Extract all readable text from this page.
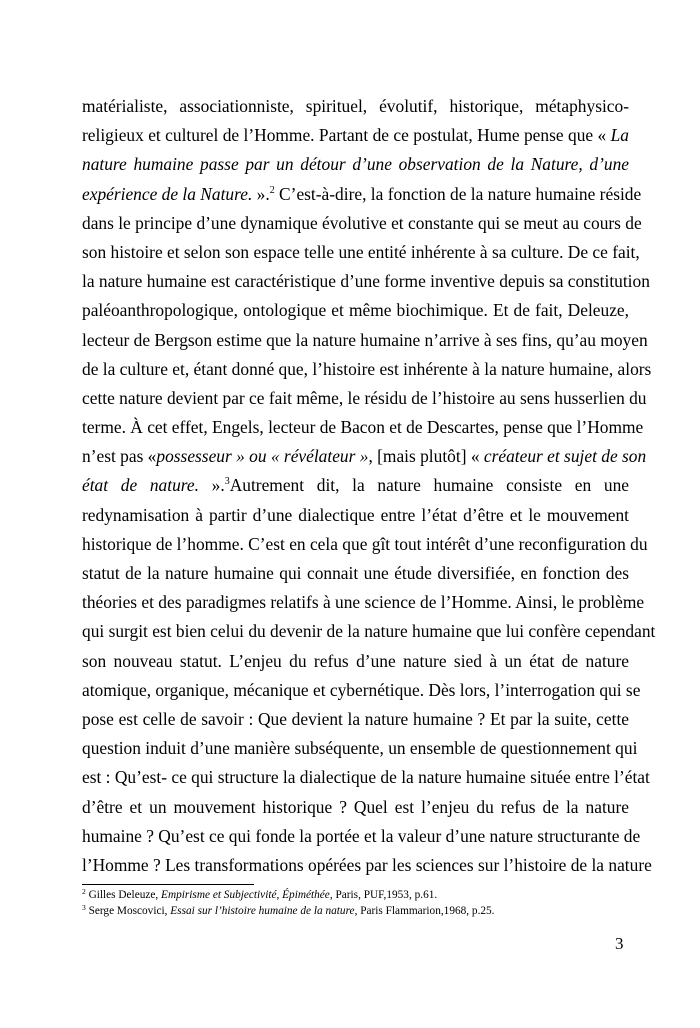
matérialiste, associationniste, spirituel, évolutif, historique, métaphysico-
religieux et culturel de l’Homme. Partant de ce postulat, Hume pense que « La
nature humaine passe par un détour d’une observation de la Nature, d’une
expérience de la Nature. ».$^2$ C’est-à-dire, la fonction de la nature humaine réside
dans le principe d’une dynamique évolutive et constante qui se meut au cours de
son histoire et selon son espace telle une entité inhérente à sa culture. De ce fait,
la nature humaine est caractéristique d’une forme inventive depuis sa constitution
paléoanthropologique, ontologique et même biochimique. Et de fait, Deleuze,
lecteur de Bergson estime que la nature humaine n’arrive à ses fins, qu’au moyen
de la culture et, étant donné que, l’histoire est inhérente à la nature humaine, alors
cette nature devient par ce fait même, le résidu de l’histoire au sens husserlien du
terme. À cet effet, Engels, lecteur de Bacon et de Descartes, pense que l’Homme
n’est pas «possesseur » ou « révélateur », [mais plutôt] « créateur et sujet de son
état de nature. ».$^3$Autrement dit, la nature humaine consiste en une
redynamisation à partir d’une dialectique entre l’état d’être et le mouvement
historique de l’homme. C’est en cela que gît tout intérêt d’une reconfiguration du
statut de la nature humaine qui connait une étude diversifiée, en fonction des
théories et des paradigmes relatifs à une science de l’Homme. Ainsi, le problème
qui surgit est bien celui du devenir de la nature humaine que lui confère cependant
son nouveau statut. L’enjeu du refus d’une nature sied à un état de nature
atomique, organique, mécanique et cybernétique. Dès lors, l’interrogation qui se
pose est celle de savoir : Que devient la nature humaine ? Et par la suite, cette
question induit d’une manière subséquente, un ensemble de questionnement qui
est : Qu’est- ce qui structure la dialectique de la nature humaine située entre l’état
d’être et un mouvement historique ? Quel est l’enjeu du refus de la nature
humaine ? Qu’est ce qui fonde la portée et la valeur d’une nature structurante de
l’Homme ? Les transformations opérées par les sciences sur l’histoire de la nature
$^2$ Gilles Deleuze, Empirisme et Subjectivité, Épiméthée, Paris, PUF,1953, p.61.
$^3$ Serge Moscovici, Essai sur l’histoire humaine de la nature, Paris Flammarion,1968, p.25.
3
